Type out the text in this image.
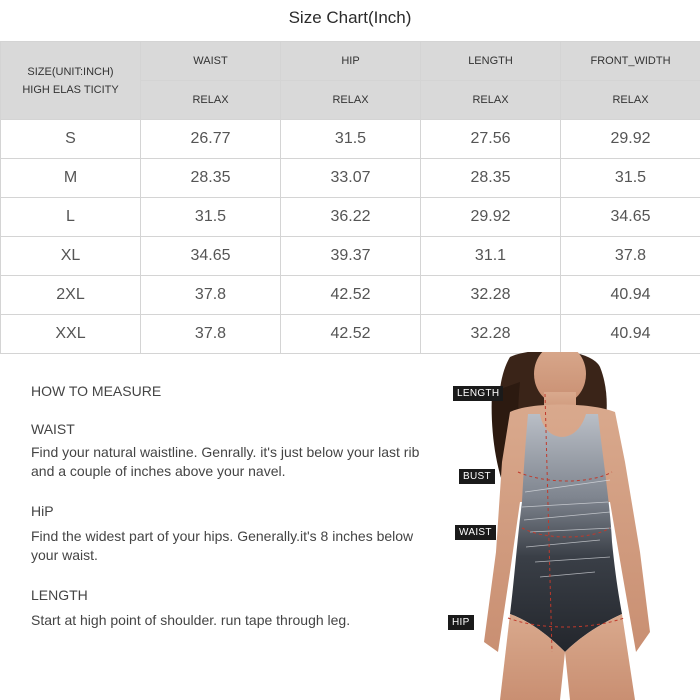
Size Chart(Inch)
SIZE(UNIT:INCH)
HIGH ELAS TICITY	WAIST	HIP	LENGTH	FRONT_WIDTH
	RELAX	RELAX	RELAX	RELAX
S	26.77	31.5	27.56	29.92
M	28.35	33.07	28.35	31.5
L	31.5	36.22	29.92	34.65
XL	34.65	39.37	31.1	37.8
2XL	37.8	42.52	32.28	40.94
XXL	37.8	42.52	32.28	40.94
HOW TO MEASURE
WAIST
Find your natural waistline. Genrally. it's just below your last rib and a couple of inches above your navel.
HiP
Find the widest part of your hips. Generally.it's 8 inches below your waist.
LENGTH
Start at high point of shoulder. run tape through leg.
LENGTH
BUST
WAIST
HIP
